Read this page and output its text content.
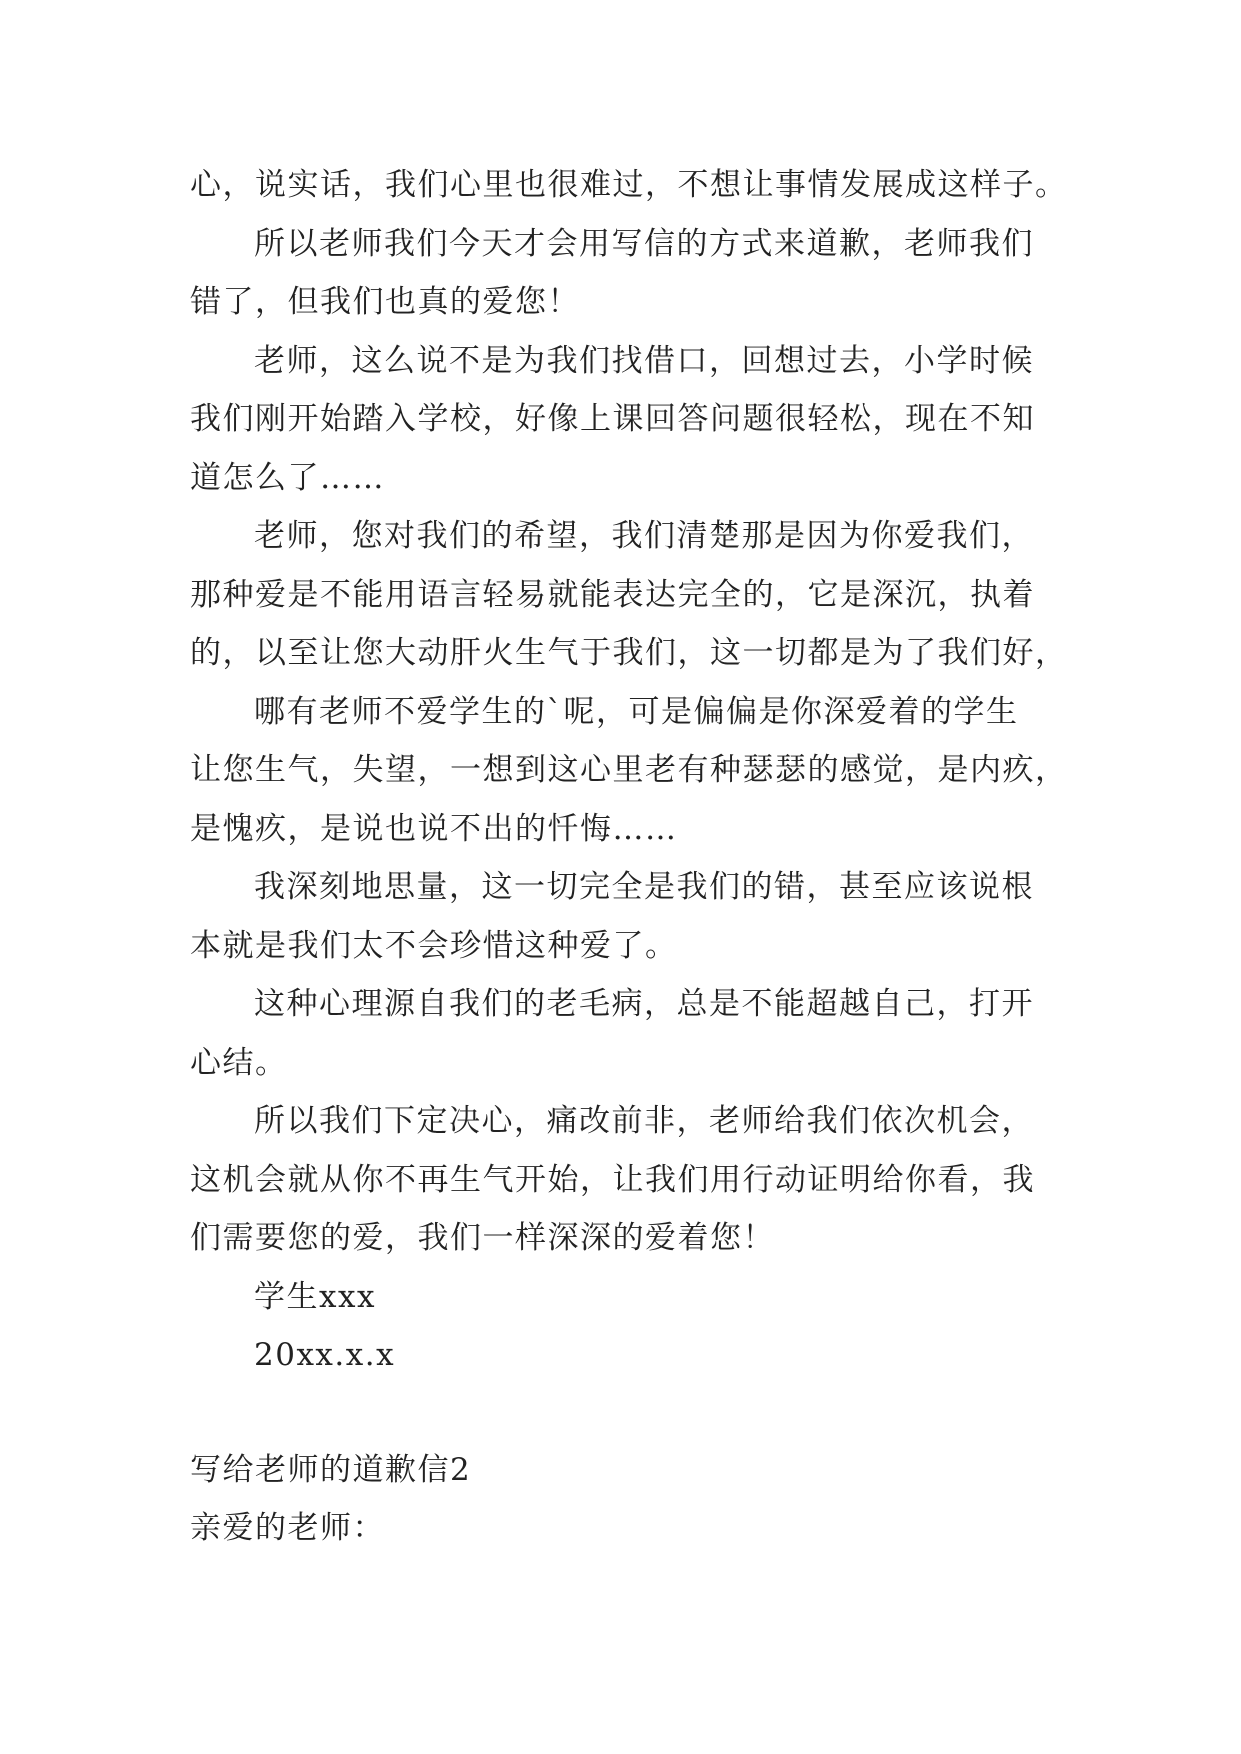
心，说实话，我们心里也很难过，不想让事情发展成这样子。
所以老师我们今天才会用写信的方式来道歉，老师我们
错了，但我们也真的爱您！
老师，这么说不是为我们找借口，回想过去，小学时候
我们刚开始踏入学校，好像上课回答问题很轻松，现在不知
道怎么了……
老师，您对我们的希望，我们清楚那是因为你爱我们，
那种爱是不能用语言轻易就能表达完全的，它是深沉，执着
的，以至让您大动肝火生气于我们，这一切都是为了我们好，
哪有老师不爱学生的`呢，可是偏偏是你深爱着的学生
让您生气，失望，一想到这心里老有种瑟瑟的感觉，是内疚，
是愧疚，是说也说不出的忏悔……
我深刻地思量，这一切完全是我们的错，甚至应该说根
本就是我们太不会珍惜这种爱了。
这种心理源自我们的老毛病，总是不能超越自己，打开
心结。
所以我们下定决心，痛改前非，老师给我们依次机会，
这机会就从你不再生气开始，让我们用行动证明给你看，我
们需要您的爱，我们一样深深的爱着您！
学生xxx
20xx.x.x
写给老师的道歉信2
亲爱的老师：
